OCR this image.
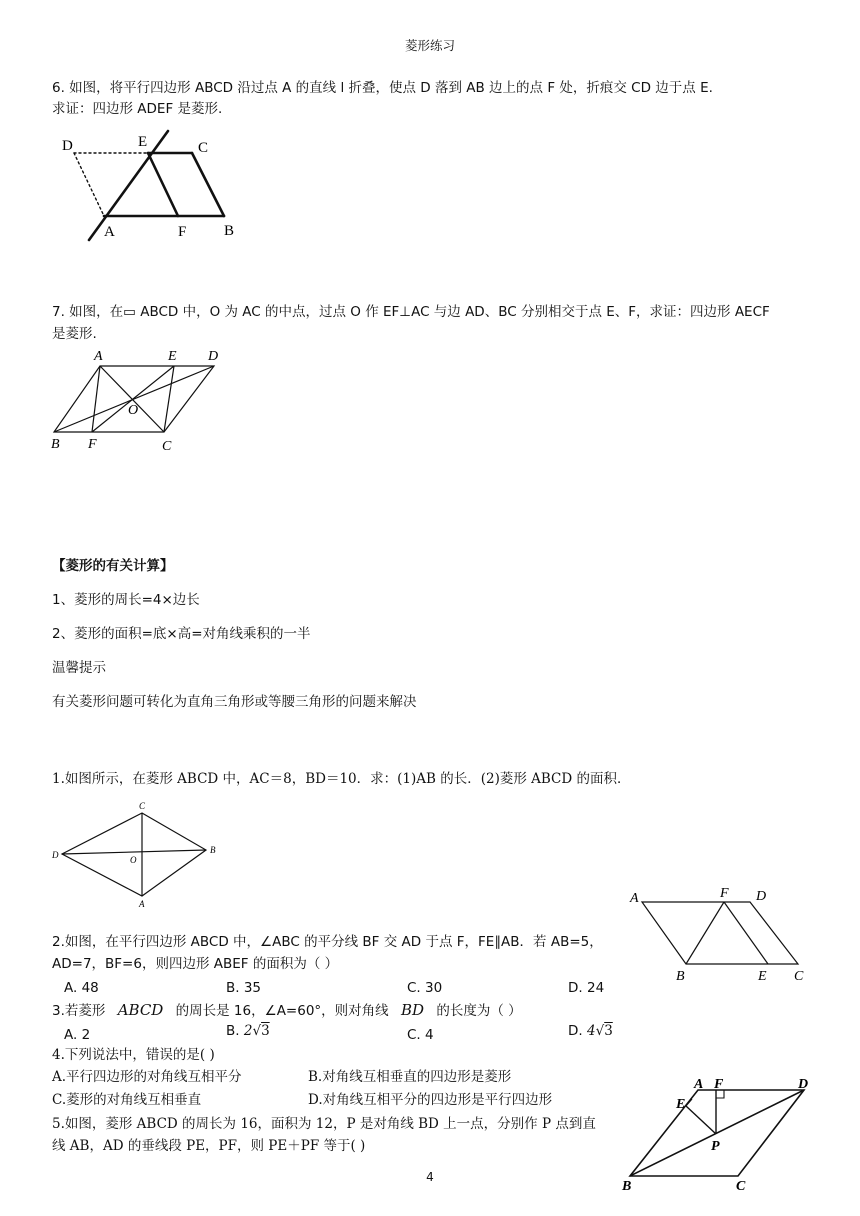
菱形练习
6. 如图，将平行四边形 ABCD 沿过点 A 的直线 l 折叠，使点 D 落到 AB 边上的点 F 处，折痕交 CD 边于点 E.
求证：四边形 ADEF 是菱形.
D	E	C
A	F	B
7. 如图，在▭ ABCD 中，O 为 AC 的中点，过点 O 作 EF⊥AC 与边 AD、BC 分别相交于点 E、F，求证：四边形 AECF
是菱形.
A	E D
O
B F	C
【菱形的有关计算】
1、菱形的周长=4×边长
2、菱形的面积=底×高=对角线乘积的一半
温馨提示
有关菱形问题可转化为直角三角形或等腰三角形的问题来解决
1.如图所示，在菱形 ABCD 中，AC＝8，BD＝10．求：(1)AB 的长．(2)菱形 ABCD 的面积．
C
D	O
B
A
2.如图，在平行四边形 ABCD 中，∠ABC 的平分线 BF 交 AD 于点 F，FE∥AB．若 AB=5，
AD=7，BF=6，则四边形 ABEF 的面积为（ ）
A. 48	B. 35	C. 30	D. 24
A	F D
B	E C
3.若菱形 ABCD 的周长是 16，∠A=60°，则对角线 BD 的长度为（ ）
A. 2	B. 2√3	C. 4	D. 4√3
4.下列说法中，错误的是( )
A.平行四边形的对角线互相平分	B.对角线互相垂直的四边形是菱形
C.菱形的对角线互相垂直	D.对角线互相平分的四边形是平行四边形
5.如图，菱形 ABCD 的周长为 16，面积为 12，P 是对角线 BD 上一点，分别作 P 点到直
线 AB，AD 的垂线段 PE，PF，则 PE＋PF 等于( )
A F	D
E
P
B	C
4
